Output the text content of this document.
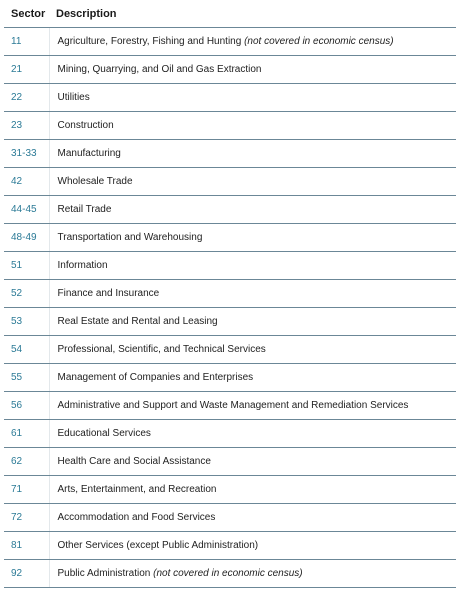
Sector	Description
11	Agriculture, Forestry, Fishing and Hunting (not covered in economic census)
21	Mining, Quarrying, and Oil and Gas Extraction
22	Utilities
23	Construction
31-33	Manufacturing
42	Wholesale Trade
44-45	Retail Trade
48-49	Transportation and Warehousing
51	Information
52	Finance and Insurance
53	Real Estate and Rental and Leasing
54	Professional, Scientific, and Technical Services
55	Management of Companies and Enterprises
56	Administrative and Support and Waste Management and Remediation Services
61	Educational Services
62	Health Care and Social Assistance
71	Arts, Entertainment, and Recreation
72	Accommodation and Food Services
81	Other Services (except Public Administration)
92	Public Administration (not covered in economic census)
